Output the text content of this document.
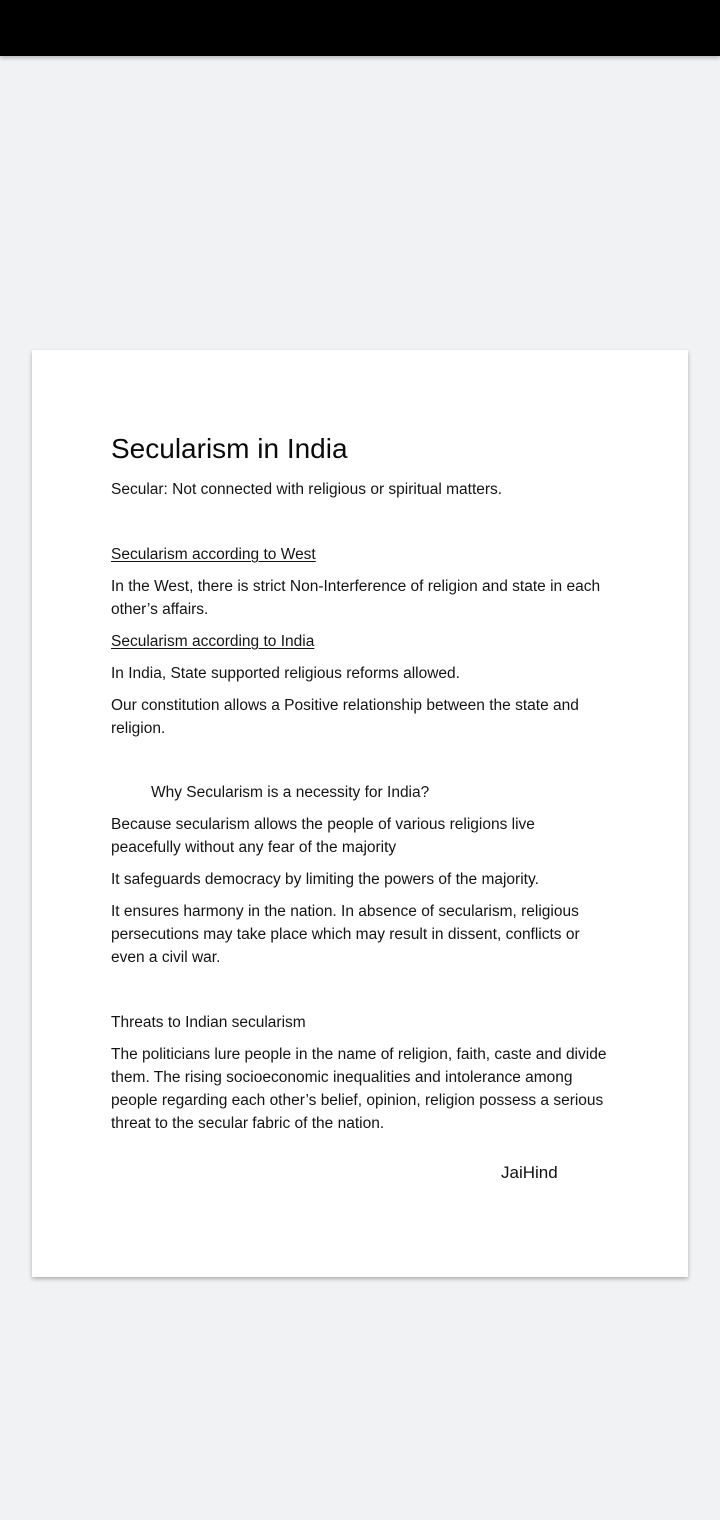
Secularism in India
Secular: Not connected with religious or spiritual matters.
Secularism according to West
In the West, there is strict Non-Interference of religion and state in each other’s affairs.
Secularism according to India
In India, State supported religious reforms allowed.
Our constitution allows a Positive relationship between the state and religion.
Why Secularism is a necessity for India?
Because secularism allows the people of various religions live peacefully without any fear of the majority
It safeguards democracy by limiting the powers of the majority.
It ensures harmony in the nation. In absence of secularism, religious persecutions may take place which may result in dissent, conflicts or even a civil war.
Threats to Indian secularism
The politicians lure people in the name of religion, faith, caste and divide them. The rising socioeconomic inequalities and intolerance among people regarding each other’s belief, opinion, religion possess a serious threat to the secular fabric of the nation.
JaiHind
